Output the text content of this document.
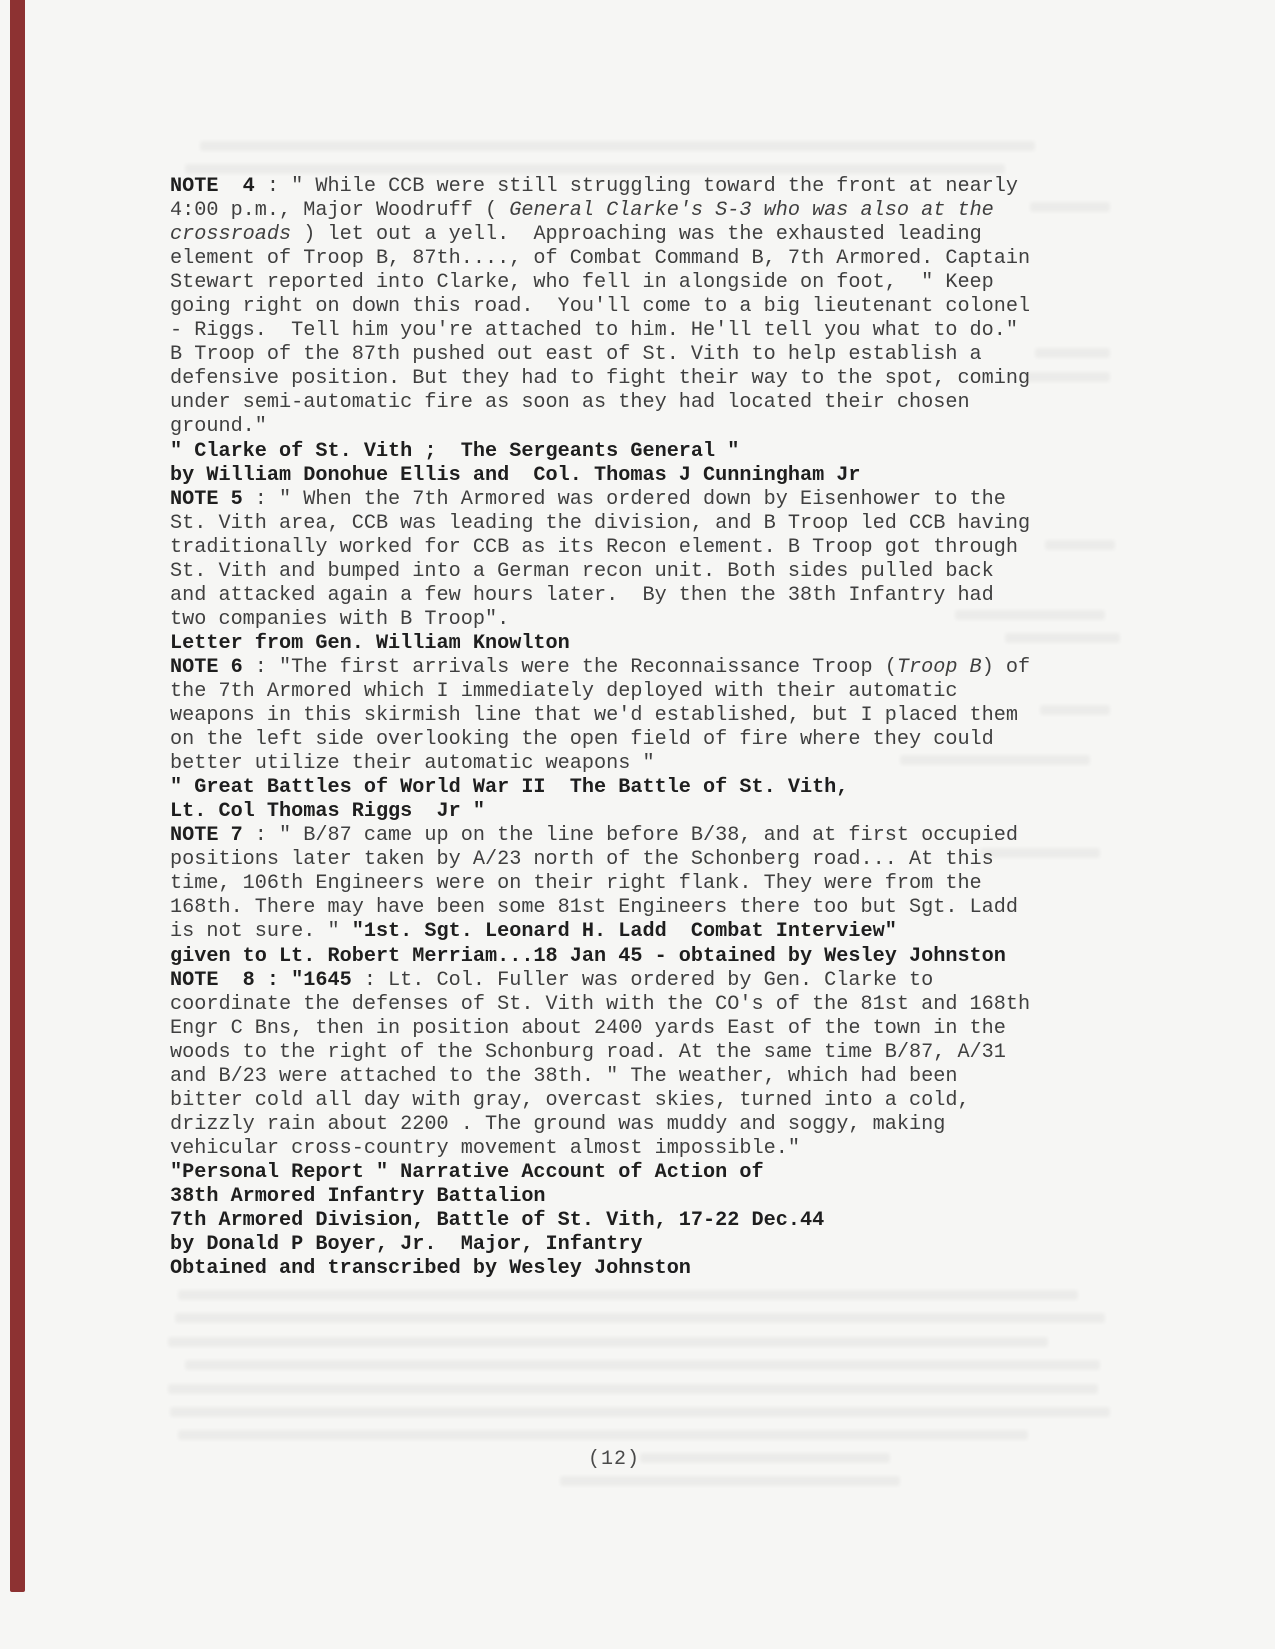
NOTE  4 : " While CCB were still struggling toward the front at nearly
4:00 p.m., Major Woodruff ( General Clarke's S-3 who was also at the
crossroads ) let out a yell.  Approaching was the exhausted leading
element of Troop B, 87th...., of Combat Command B, 7th Armored. Captain
Stewart reported into Clarke, who fell in alongside on foot,  " Keep
going right on down this road.  You'll come to a big lieutenant colonel
- Riggs.  Tell him you're attached to him. He'll tell you what to do."
B Troop of the 87th pushed out east of St. Vith to help establish a
defensive position. But they had to fight their way to the spot, coming
under semi-automatic fire as soon as they had located their chosen
ground."
" Clarke of St. Vith ;  The Sergeants General "
by William Donohue Ellis and  Col. Thomas J Cunningham Jr
NOTE 5 : " When the 7th Armored was ordered down by Eisenhower to the
St. Vith area, CCB was leading the division, and B Troop led CCB having
traditionally worked for CCB as its Recon element. B Troop got through
St. Vith and bumped into a German recon unit. Both sides pulled back
and attacked again a few hours later.  By then the 38th Infantry had
two companies with B Troop".
Letter from Gen. William Knowlton
NOTE 6 : "The first arrivals were the Reconnaissance Troop (Troop B) of
the 7th Armored which I immediately deployed with their automatic
weapons in this skirmish line that we'd established, but I placed them
on the left side overlooking the open field of fire where they could
better utilize their automatic weapons "
" Great Battles of World War II  The Battle of St. Vith,
Lt. Col Thomas Riggs  Jr "
NOTE 7 : " B/87 came up on the line before B/38, and at first occupied
positions later taken by A/23 north of the Schonberg road... At this
time, 106th Engineers were on their right flank. They were from the
168th. There may have been some 81st Engineers there too but Sgt. Ladd
is not sure. " "1st. Sgt. Leonard H. Ladd  Combat Interview"
given to Lt. Robert Merriam...18 Jan 45 - obtained by Wesley Johnston
NOTE  8 : "1645 : Lt. Col. Fuller was ordered by Gen. Clarke to
coordinate the defenses of St. Vith with the CO's of the 81st and 168th
Engr C Bns, then in position about 2400 yards East of the town in the
woods to the right of the Schonburg road. At the same time B/87, A/31
and B/23 were attached to the 38th. " The weather, which had been
bitter cold all day with gray, overcast skies, turned into a cold,
drizzly rain about 2200 . The ground was muddy and soggy, making
vehicular cross-country movement almost impossible."
"Personal Report " Narrative Account of Action of
38th Armored Infantry Battalion
7th Armored Division, Battle of St. Vith, 17-22 Dec.44
by Donald P Boyer, Jr.  Major, Infantry
Obtained and transcribed by Wesley Johnston
(12)
